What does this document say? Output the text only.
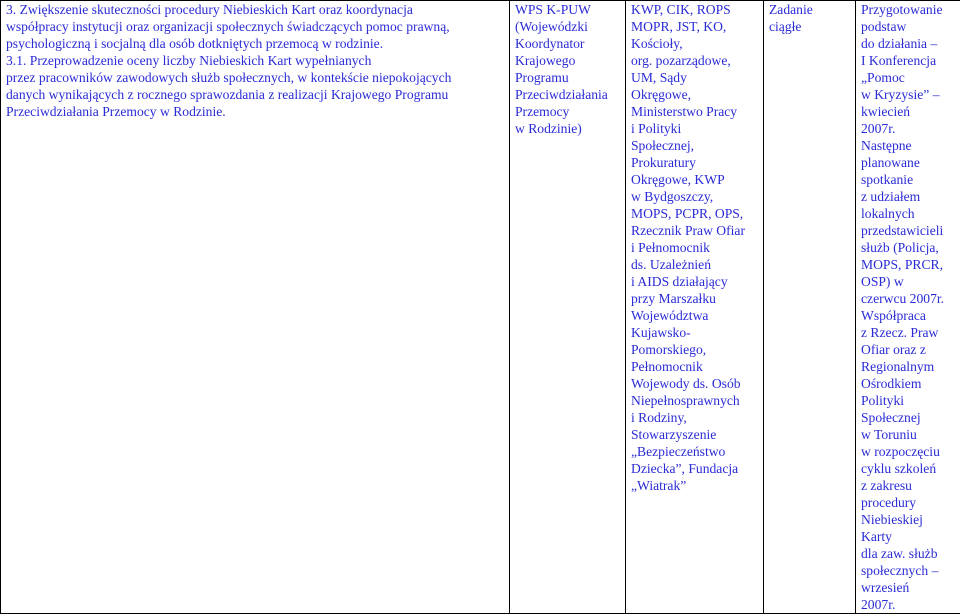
3. Zwiększenie skuteczności procedury Niebieskich Kart oraz koordynacja
współpracy instytucji oraz organizacji społecznych świadczących pomoc prawną,
psychologiczną i socjalną dla osób dotkniętych przemocą w rodzinie.
3.1. Przeprowadzenie oceny liczby Niebieskich Kart wypełnianych
przez pracowników zawodowych służb społecznych, w kontekście niepokojących
danych wynikających z rocznego sprawozdania z realizacji Krajowego Programu
Przeciwdziałania Przemocy w Rodzinie.

WPS K-PUW
(Wojewódzki
Koordynator
Krajowego
Programu
Przeciwdziałania
Przemocy
w Rodzinie)

KWP, CIK, ROPS
MOPR, JST, KO,
Kościoły,
org. pozarządowe,
UM, Sądy
Okręgowe,
Ministerstwo Pracy
i Polityki
Społecznej,
Prokuratury
Okręgowe, KWP
w Bydgoszczy,
MOPS, PCPR, OPS,
Rzecznik Praw Ofiar
i Pełnomocnik
ds. Uzależnień
i AIDS działający
przy Marszałku
Województwa
Kujawsko-
Pomorskiego,
Pełnomocnik
Wojewody ds. Osób
Niepełnosprawnych
i Rodziny,
Stowarzyszenie
„Bezpieczeństwo
Dziecka”, Fundacja
„Wiatrak”

Zadanie
ciągłe

Przygotowanie
podstaw
do działania –
I Konferencja
„Pomoc
w Kryzysie” –
kwiecień
2007r.
Następne
planowane
spotkanie
z udziałem
lokalnych
przedstawicieli
służb (Policja,
MOPS, PRCR,
OSP) w
czerwcu 2007r.
Współpraca
z Rzecz. Praw
Ofiar oraz z
Regionalnym
Ośrodkiem
Polityki
Społecznej
w Toruniu
w rozpoczęciu
cyklu szkoleń
z zakresu
procedury
Niebieskiej
Karty
dla zaw. służb
społecznych –
wrzesień
2007r.
